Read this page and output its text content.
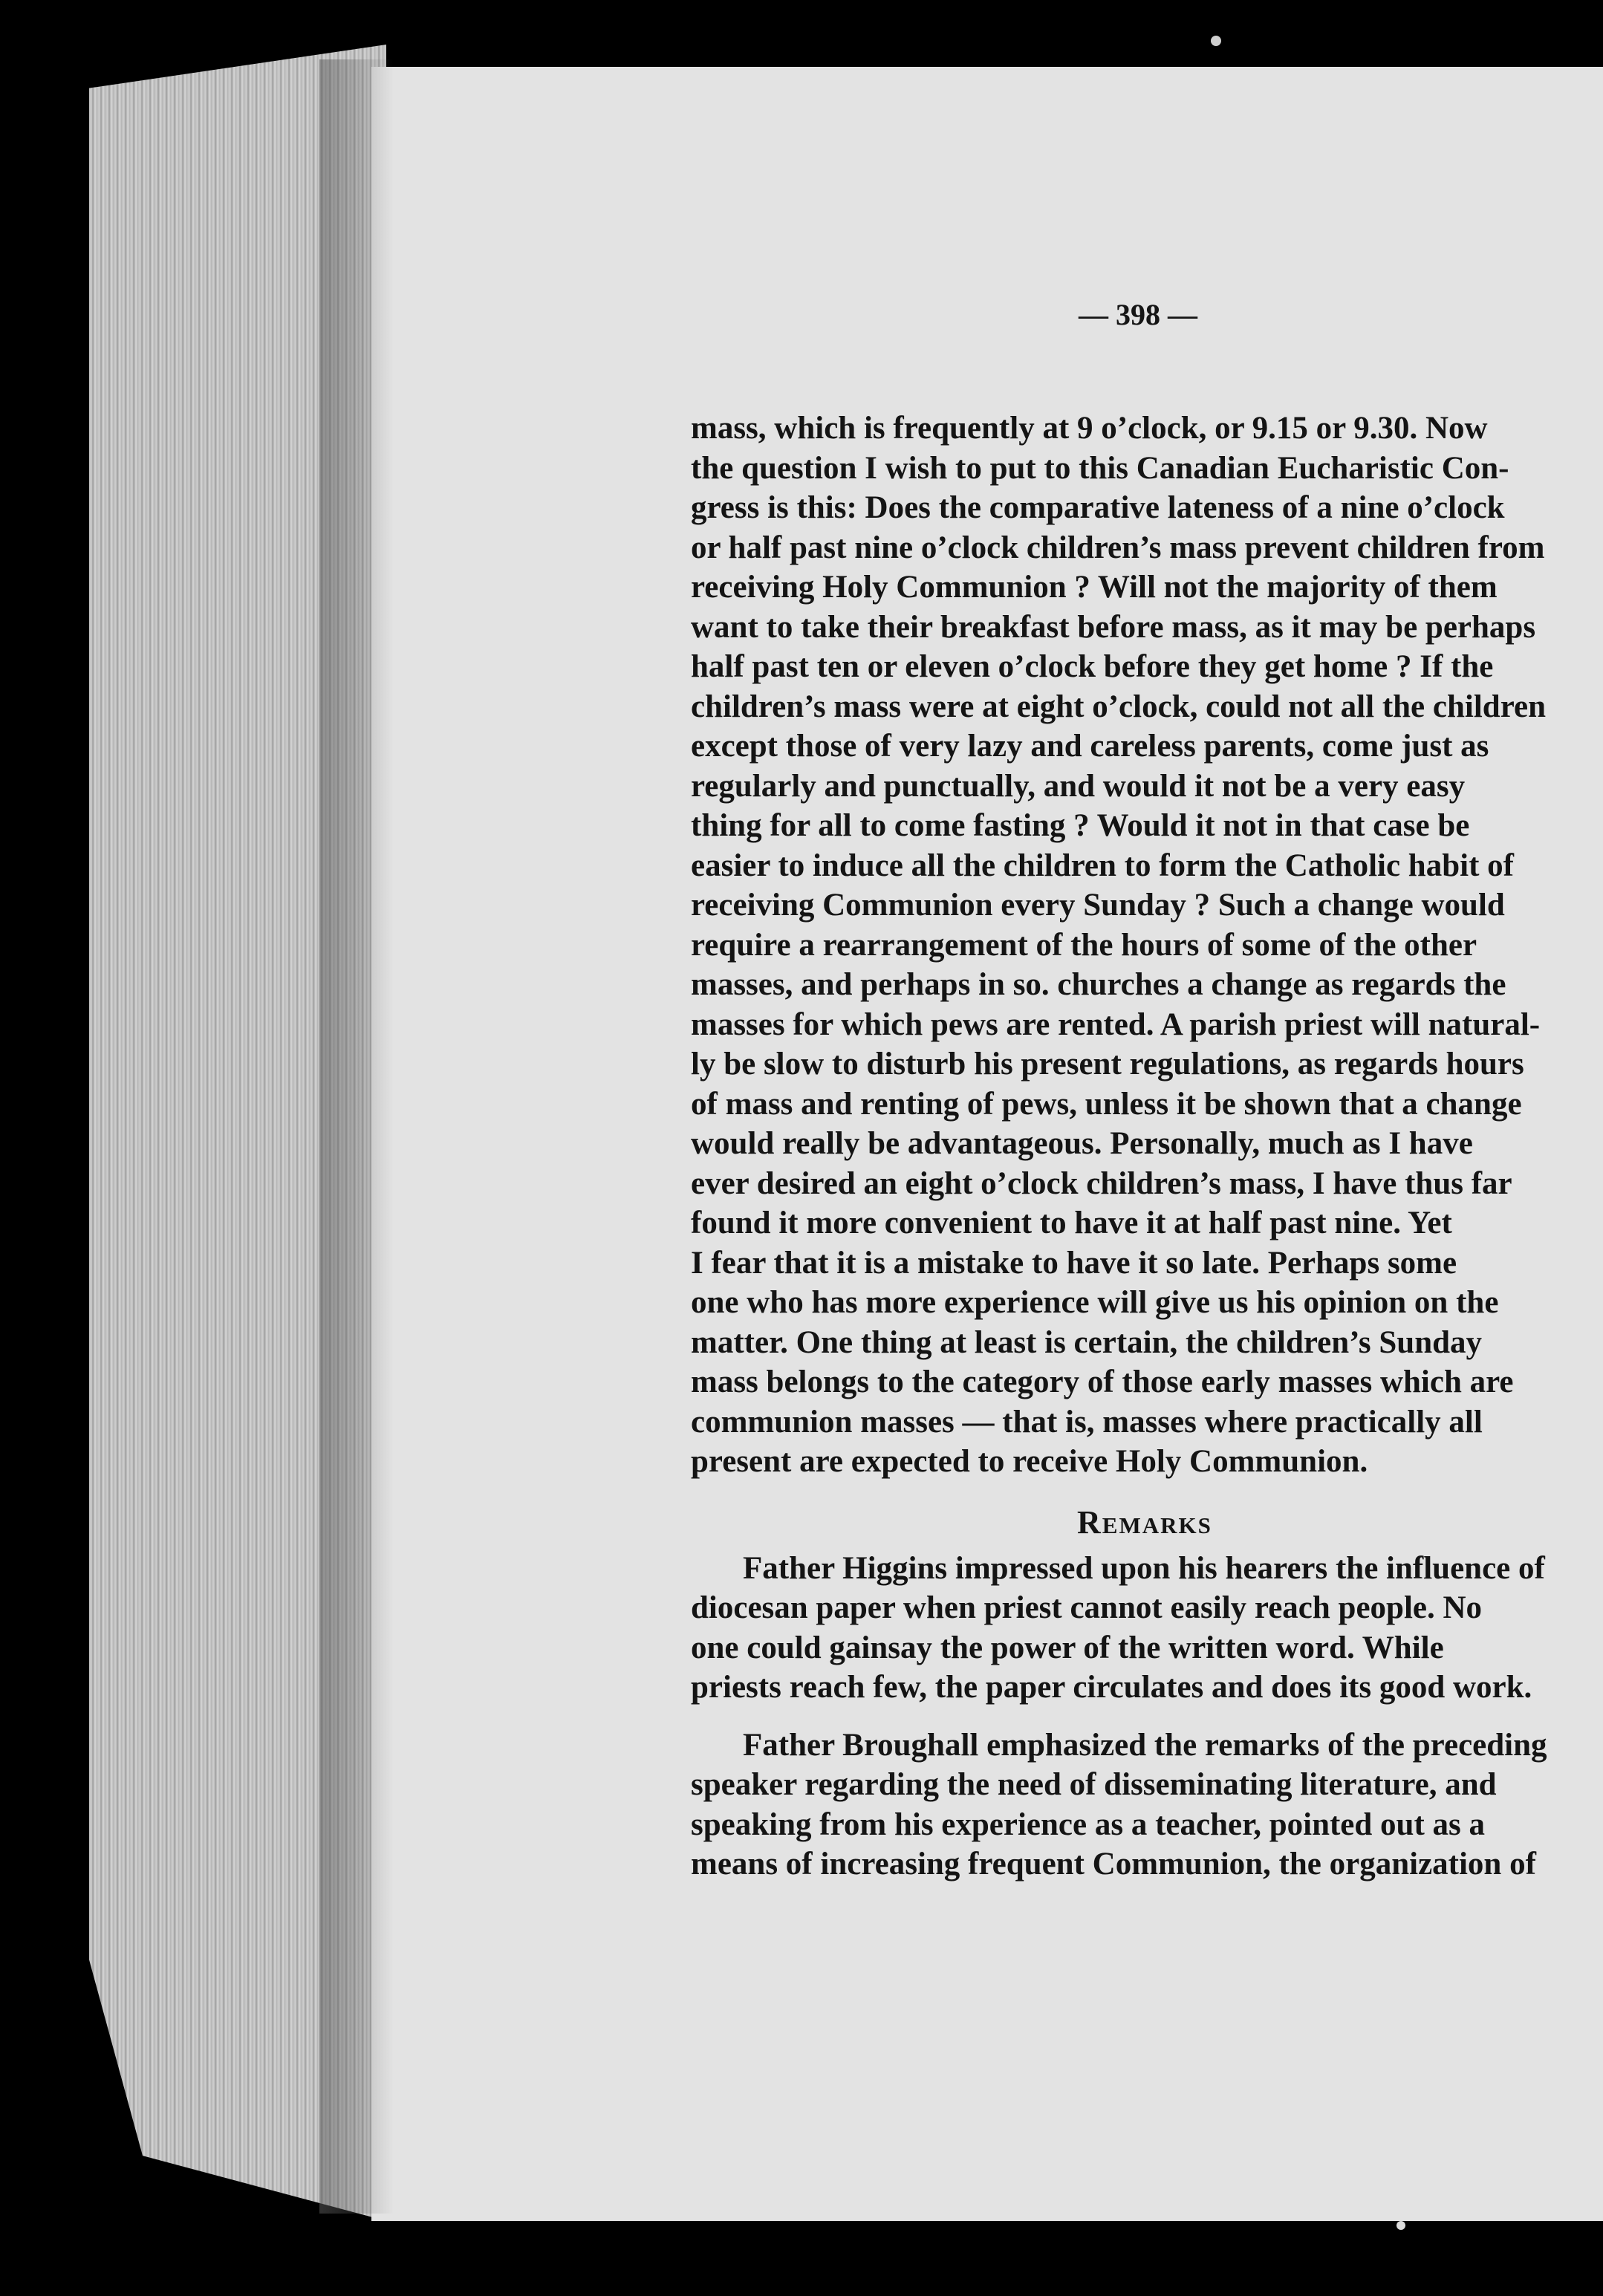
— 398 —
mass, which is frequently at 9 o’clock, or 9.15 or 9.30. Now
the question I wish to put to this Canadian Eucharistic Con-
gress is this: Does the comparative lateness of a nine o’clock
or half past nine o’clock children’s mass prevent children from
receiving Holy Communion ? Will not the majority of them
want to take their breakfast before mass, as it may be perhaps
half past ten or eleven o’clock before they get home ? If the
children’s mass were at eight o’clock, could not all the children
except those of very lazy and careless parents, come just as
regularly and punctually, and would it not be a very easy
thing for all to come fasting ? Would it not in that case be
easier to induce all the children to form the Catholic habit of
receiving Communion every Sunday ? Such a change would
require a rearrangement of the hours of some of the other
masses, and perhaps in so. churches a change as regards the
masses for which pews are rented. A parish priest will natural-
ly be slow to disturb his present regulations, as regards hours
of mass and renting of pews, unless it be shown that a change
would really be advantageous. Personally, much as I have
ever desired an eight o’clock children’s mass, I have thus far
found it more convenient to have it at half past nine. Yet
I fear that it is a mistake to have it so late. Perhaps some
one who has more experience will give us his opinion on the
matter. One thing at least is certain, the children’s Sunday
mass belongs to the category of those early masses which are
communion masses — that is, masses where practically all
present are expected to receive Holy Communion.
Remarks
Father Higgins impressed upon his hearers the influence of
diocesan paper when priest cannot easily reach people. No
one could gainsay the power of the written word. While
priests reach few, the paper circulates and does its good work.
Father Broughall emphasized the remarks of the preceding
speaker regarding the need of disseminating literature, and
speaking from his experience as a teacher, pointed out as a
means of increasing frequent Communion, the organization of
